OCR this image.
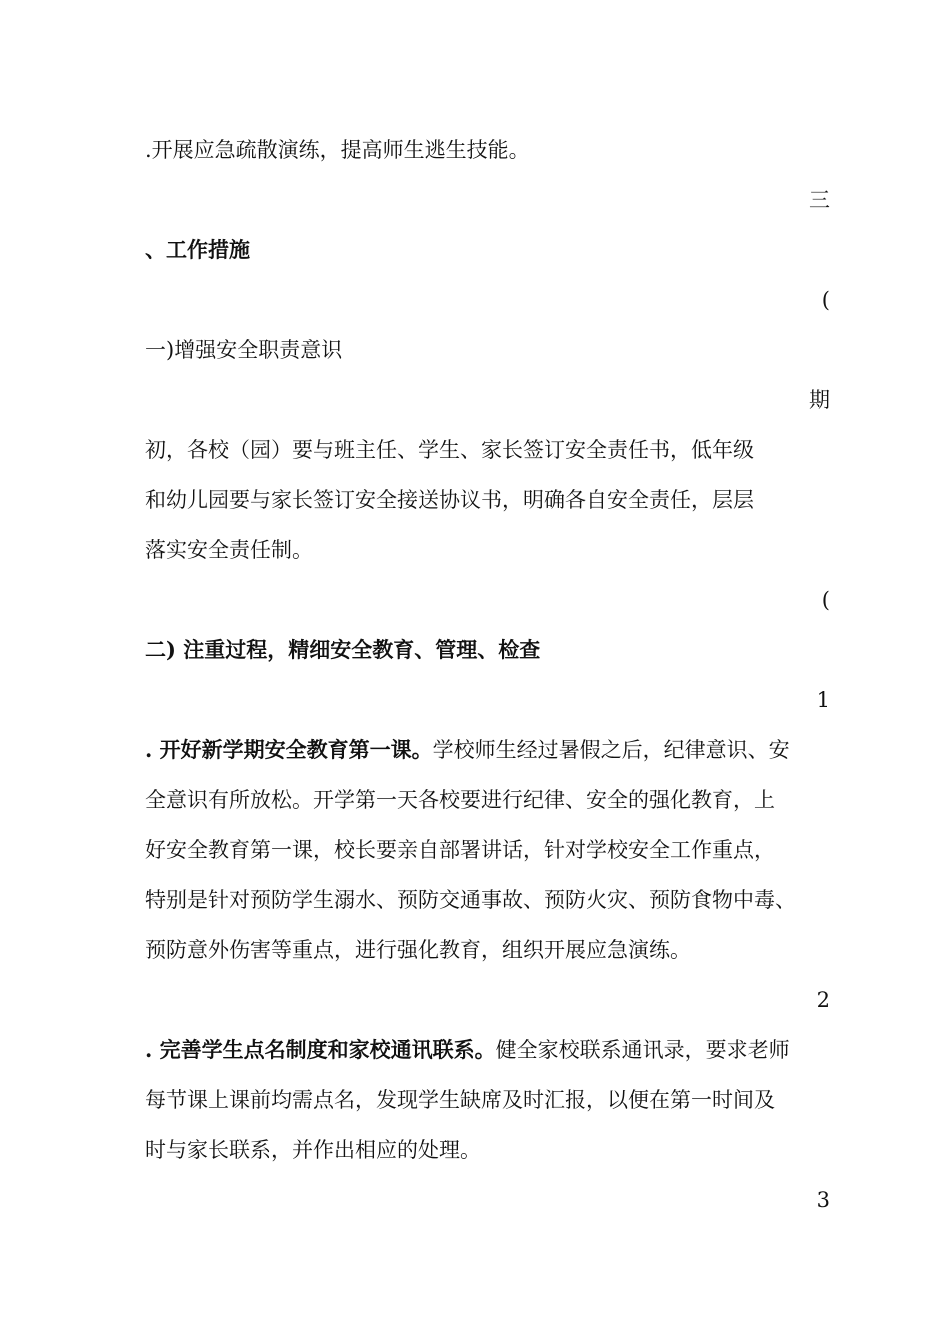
.开展应急疏散演练，提高师生逃生技能。
三
、工作措施
(
一)增强安全职责意识
期
初，各校（园）要与班主任、学生、家长签订安全责任书，低年级
和幼儿园要与家长签订安全接送协议书，明确各自安全责任，层层
落实安全责任制。
(
二) 注重过程，精细安全教育、管理、检查
1
. 开好新学期安全教育第一课。学校师生经过暑假之后，纪律意识、安
全意识有所放松。开学第一天各校要进行纪律、安全的强化教育，上
好安全教育第一课，校长要亲自部署讲话，针对学校安全工作重点，
特别是针对预防学生溺水、预防交通事故、预防火灾、预防食物中毒、
预防意外伤害等重点，进行强化教育，组织开展应急演练。
2
. 完善学生点名制度和家校通讯联系。健全家校联系通讯录，要求老师
每节课上课前均需点名，发现学生缺席及时汇报，以便在第一时间及
时与家长联系，并作出相应的处理。
3
